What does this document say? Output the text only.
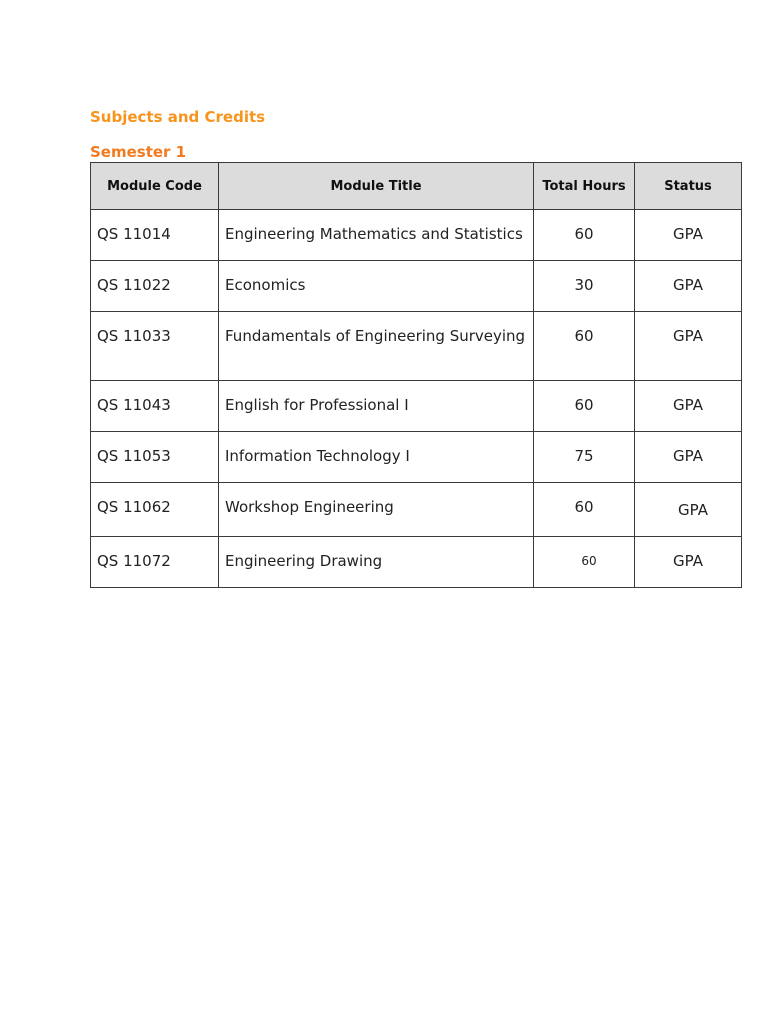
Subjects and Credits
Semester 1
Module Code	Module Title	Total Hours	Status
QS 11014	Engineering Mathematics and Statistics	60	GPA
QS 11022	Economics	30	GPA
QS 11033	Fundamentals of Engineering Surveying	60	GPA
QS 11043	English for Professional I	60	GPA
QS 11053	Information Technology I	75	GPA
QS 11062	Workshop Engineering	60	GPA
QS 11072	Engineering Drawing	60	GPA
